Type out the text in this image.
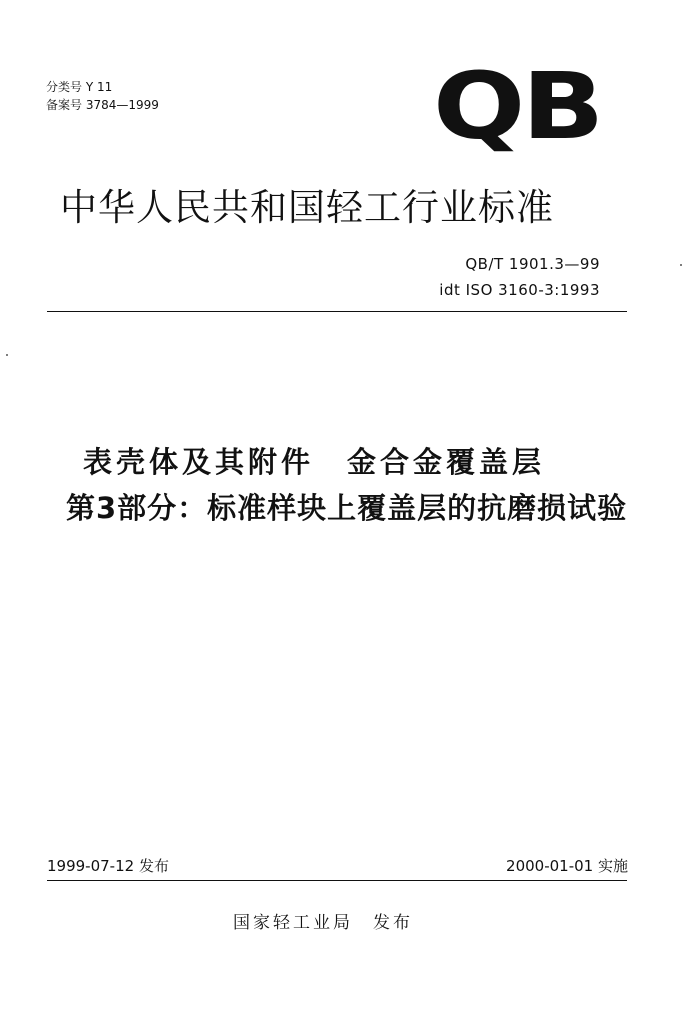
分类号 Y 11
备案号 3784—1999 QB
中华人民共和国轻工行业标准
QB/T 1901.3—99
idt ISO 3160-3:1993
表壳体及其附件　金合金覆盖层
第3部分：标准样块上覆盖层的抗磨损试验
1999-07-12 发布	2000-01-01 实施
国家轻工业局　发布
